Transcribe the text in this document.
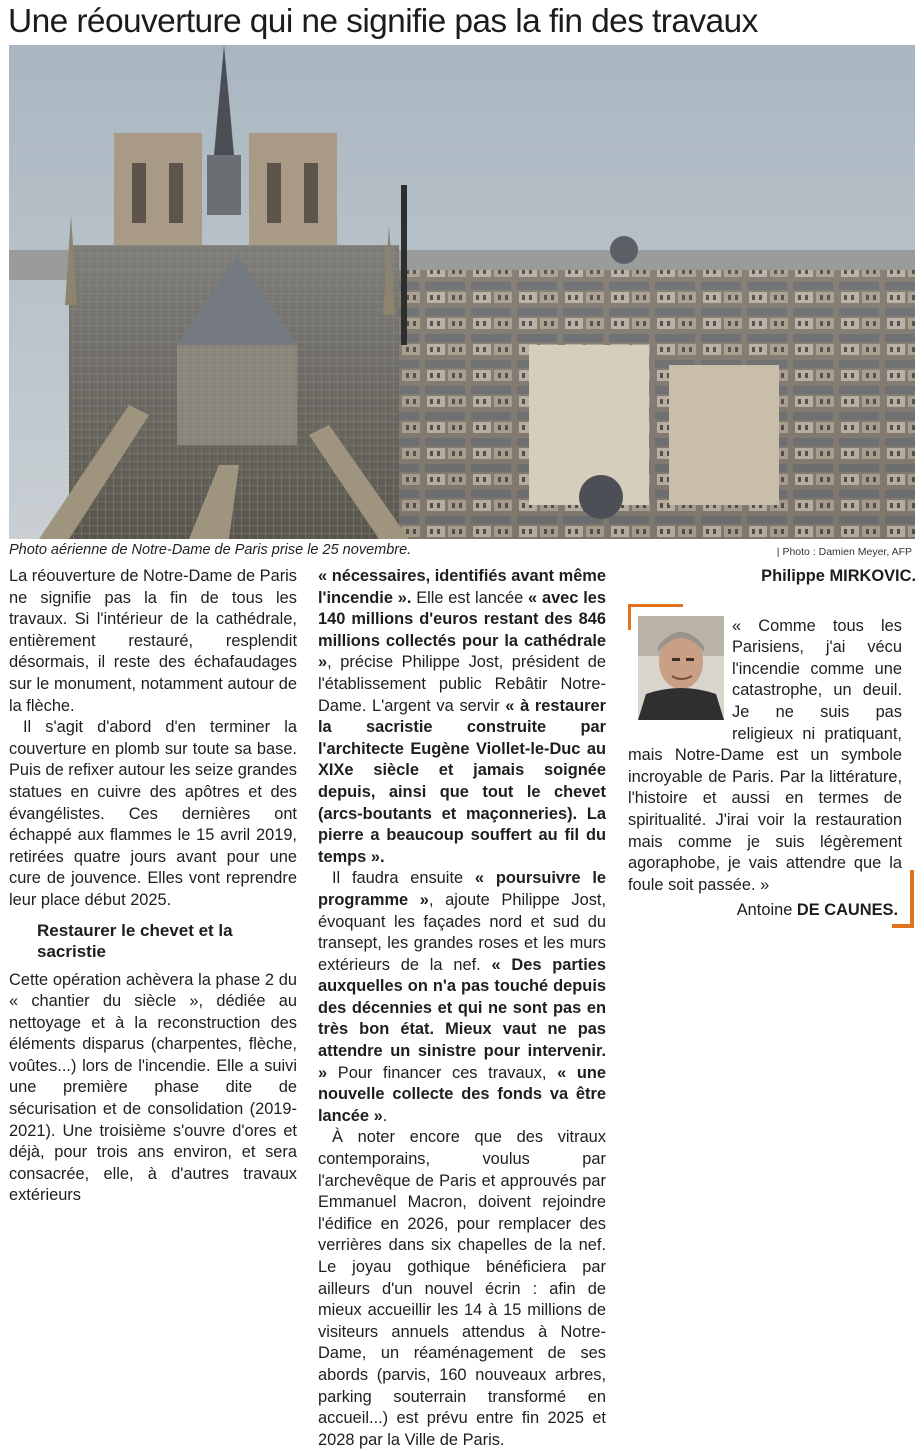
Une réouverture qui ne signifie pas la fin des travaux
Photo aérienne de Notre-Dame de Paris prise le 25 novembre.	| Photo : Damien Meyer, AFP

La réouverture de Notre-Dame de Paris ne signifie pas la fin de tous les travaux. Si l'intérieur de la cathédrale, entièrement restauré, resplendit désormais, il reste des échafaudages sur le monument, notamment autour de la flèche.

Il s'agit d'abord d'en terminer la couverture en plomb sur toute sa base. Puis de refixer autour les seize grandes statues en cuivre des apôtres et des évangélistes. Ces dernières ont échappé aux flammes le 15 avril 2019, retirées quatre jours avant pour une cure de jouvence. Elles vont reprendre leur place début 2025.

Restaurer le chevet et la sacristie

Cette opération achèvera la phase 2 du « chantier du siècle », dédiée au nettoyage et à la reconstruction des éléments disparus (charpentes, flèche, voûtes...) lors de l'incendie. Elle a suivi une première phase dite de sécurisation et de consolidation (2019-2021). Une troisième s'ouvre d'ores et déjà, pour trois ans environ, et sera consacrée, elle, à d'autres travaux extérieurs

« nécessaires, identifiés avant même l'incendie ». Elle est lancée « avec les 140 millions d'euros restant des 846 millions collectés pour la cathédrale », précise Philippe Jost, président de l'établissement public Rebâtir Notre-Dame. L'argent va servir « à restaurer la sacristie construite par l'architecte Eugène Viollet-le-Duc au XIXe siècle et jamais soignée depuis, ainsi que tout le chevet (arcs-boutants et maçonneries). La pierre a beaucoup souffert au fil du temps ».

Il faudra ensuite « poursuivre le programme », ajoute Philippe Jost, évoquant les façades nord et sud du transept, les grandes roses et les murs extérieurs de la nef. « Des parties auxquelles on n'a pas touché depuis des décennies et qui ne sont pas en très bon état. Mieux vaut ne pas attendre un sinistre pour intervenir. » Pour financer ces travaux, « une nouvelle collecte des fonds va être lancée ».

À noter encore que des vitraux contemporains, voulus par l'archevêque de Paris et approuvés par Emmanuel Macron, doivent rejoindre l'édifice en 2026, pour remplacer des verrières dans six chapelles de la nef. Le joyau gothique bénéficiera par ailleurs d'un nouvel écrin : afin de mieux accueillir les 14 à 15 millions de visiteurs annuels attendus à Notre-Dame, un réaménagement de ses abords (parvis, 160 nouveaux arbres, parking souterrain transformé en accueil...) est prévu entre fin 2025 et 2028 par la Ville de Paris.

Philippe MIRKOVIC.

« Comme tous les Parisiens, j'ai vécu l'incendie comme une catastrophe, un deuil. Je ne suis pas religieux ni pratiquant, mais Notre-Dame est un symbole incroyable de Paris. Par la littérature, l'histoire et aussi en termes de spiritualité. J'irai voir la restauration mais comme je suis légèrement agoraphobe, je vais attendre que la foule soit passée. »

Antoine DE CAUNES.
